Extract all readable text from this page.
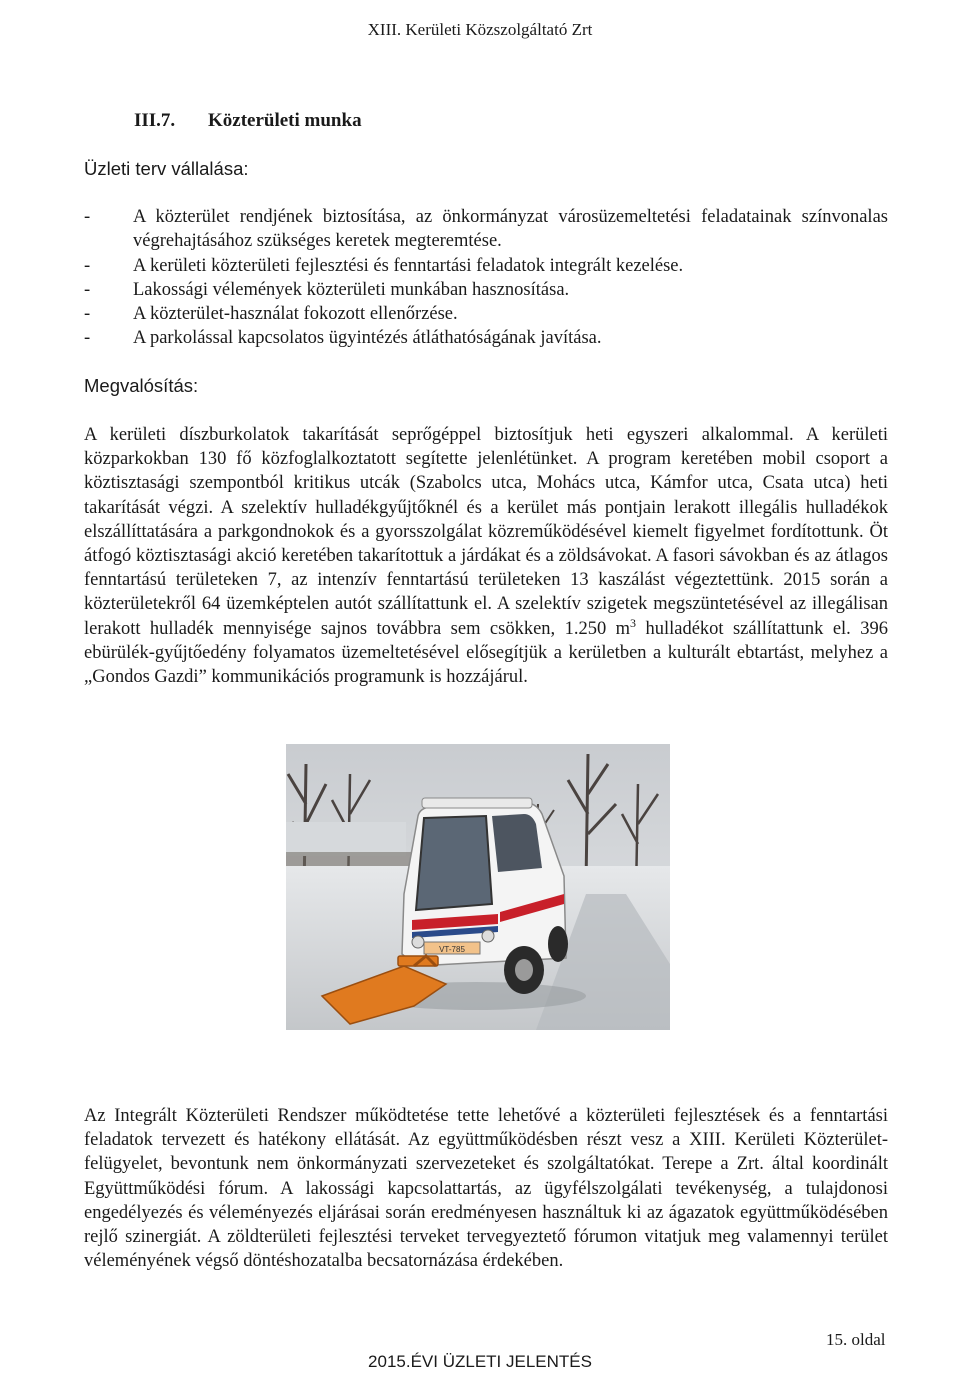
XIII. Kerületi Közszolgáltató Zrt
III.7. Közterületi munka
Üzleti terv vállalása:
-	A közterület rendjének biztosítása, az önkormányzat városüzemeltetési feladatainak színvonalas végrehajtásához szükséges keretek megteremtése.
-	A kerületi közterületi fejlesztési és fenntartási feladatok integrált kezelése.
-	Lakossági vélemények közterületi munkában hasznosítása.
-	A közterület-használat fokozott ellenőrzése.
-	A parkolással kapcsolatos ügyintézés átláthatóságának javítása.
Megvalósítás:
A kerületi díszburkolatok takarítását seprőgéppel biztosítjuk heti egyszeri alkalommal. A kerületi közparkokban 130 fő közfoglalkoztatott segítette jelenlétünket. A program keretében mobil csoport a köztisztasági szempontból kritikus utcák (Szabolcs utca, Mohács utca, Kámfor utca, Csata utca) heti takarítását végzi. A szelektív hulladékgyűjtőknél és a kerület más pontjain lerakott illegális hulladékok elszállíttatására a parkgondnokok és a gyorsszolgálat közreműködésével kiemelt figyelmet fordítottunk. Öt átfogó köztisztasági akció keretében takarítottuk a járdákat és a zöldsávokat. A fasori sávokban és az átlagos fenntartású területeken 7, az intenzív fenntartású területeken 13 kaszálást végeztettünk. 2015 során a közterületekről 64 üzemképtelen autót szállítattunk el. A szelektív szigetek megszüntetésével az illegálisan lerakott hulladék mennyisége sajnos továbbra sem csökken, 1.250 $m^3$ hulladékot szállítattunk el. 396 ebürülék-gyűjtőedény folyamatos üzemeltetésével elősegítjük a kerületben a kulturált ebtartást, melyhez a „Gondos Gazdi” kommunikációs programunk is hozzájárul.
VT-785
Az Integrált Közterületi Rendszer működtetése tette lehetővé a közterületi fejlesztések és a fenntartási feladatok tervezett és hatékony ellátását. Az együttműködésben részt vesz a XIII. Kerületi Közterület-felügyelet, bevontunk nem önkormányzati szervezeteket és szolgáltatókat. Terepe a Zrt. által koordinált Együttműködési fórum. A lakossági kapcsolattartás, az ügyfélszolgálati tevékenység, a tulajdonosi engedélyezés és véleményezés eljárásai során eredményesen használtuk ki az ágazatok együttműködésében rejlő szinergiát. A zöldterületi fejlesztési terveket tervegyeztető fórumon vitatjuk meg valamennyi terület véleményének végső döntéshozatalba becsatornázása érdekében.
15. oldal
2015.ÉVI ÜZLETI JELENTÉS
